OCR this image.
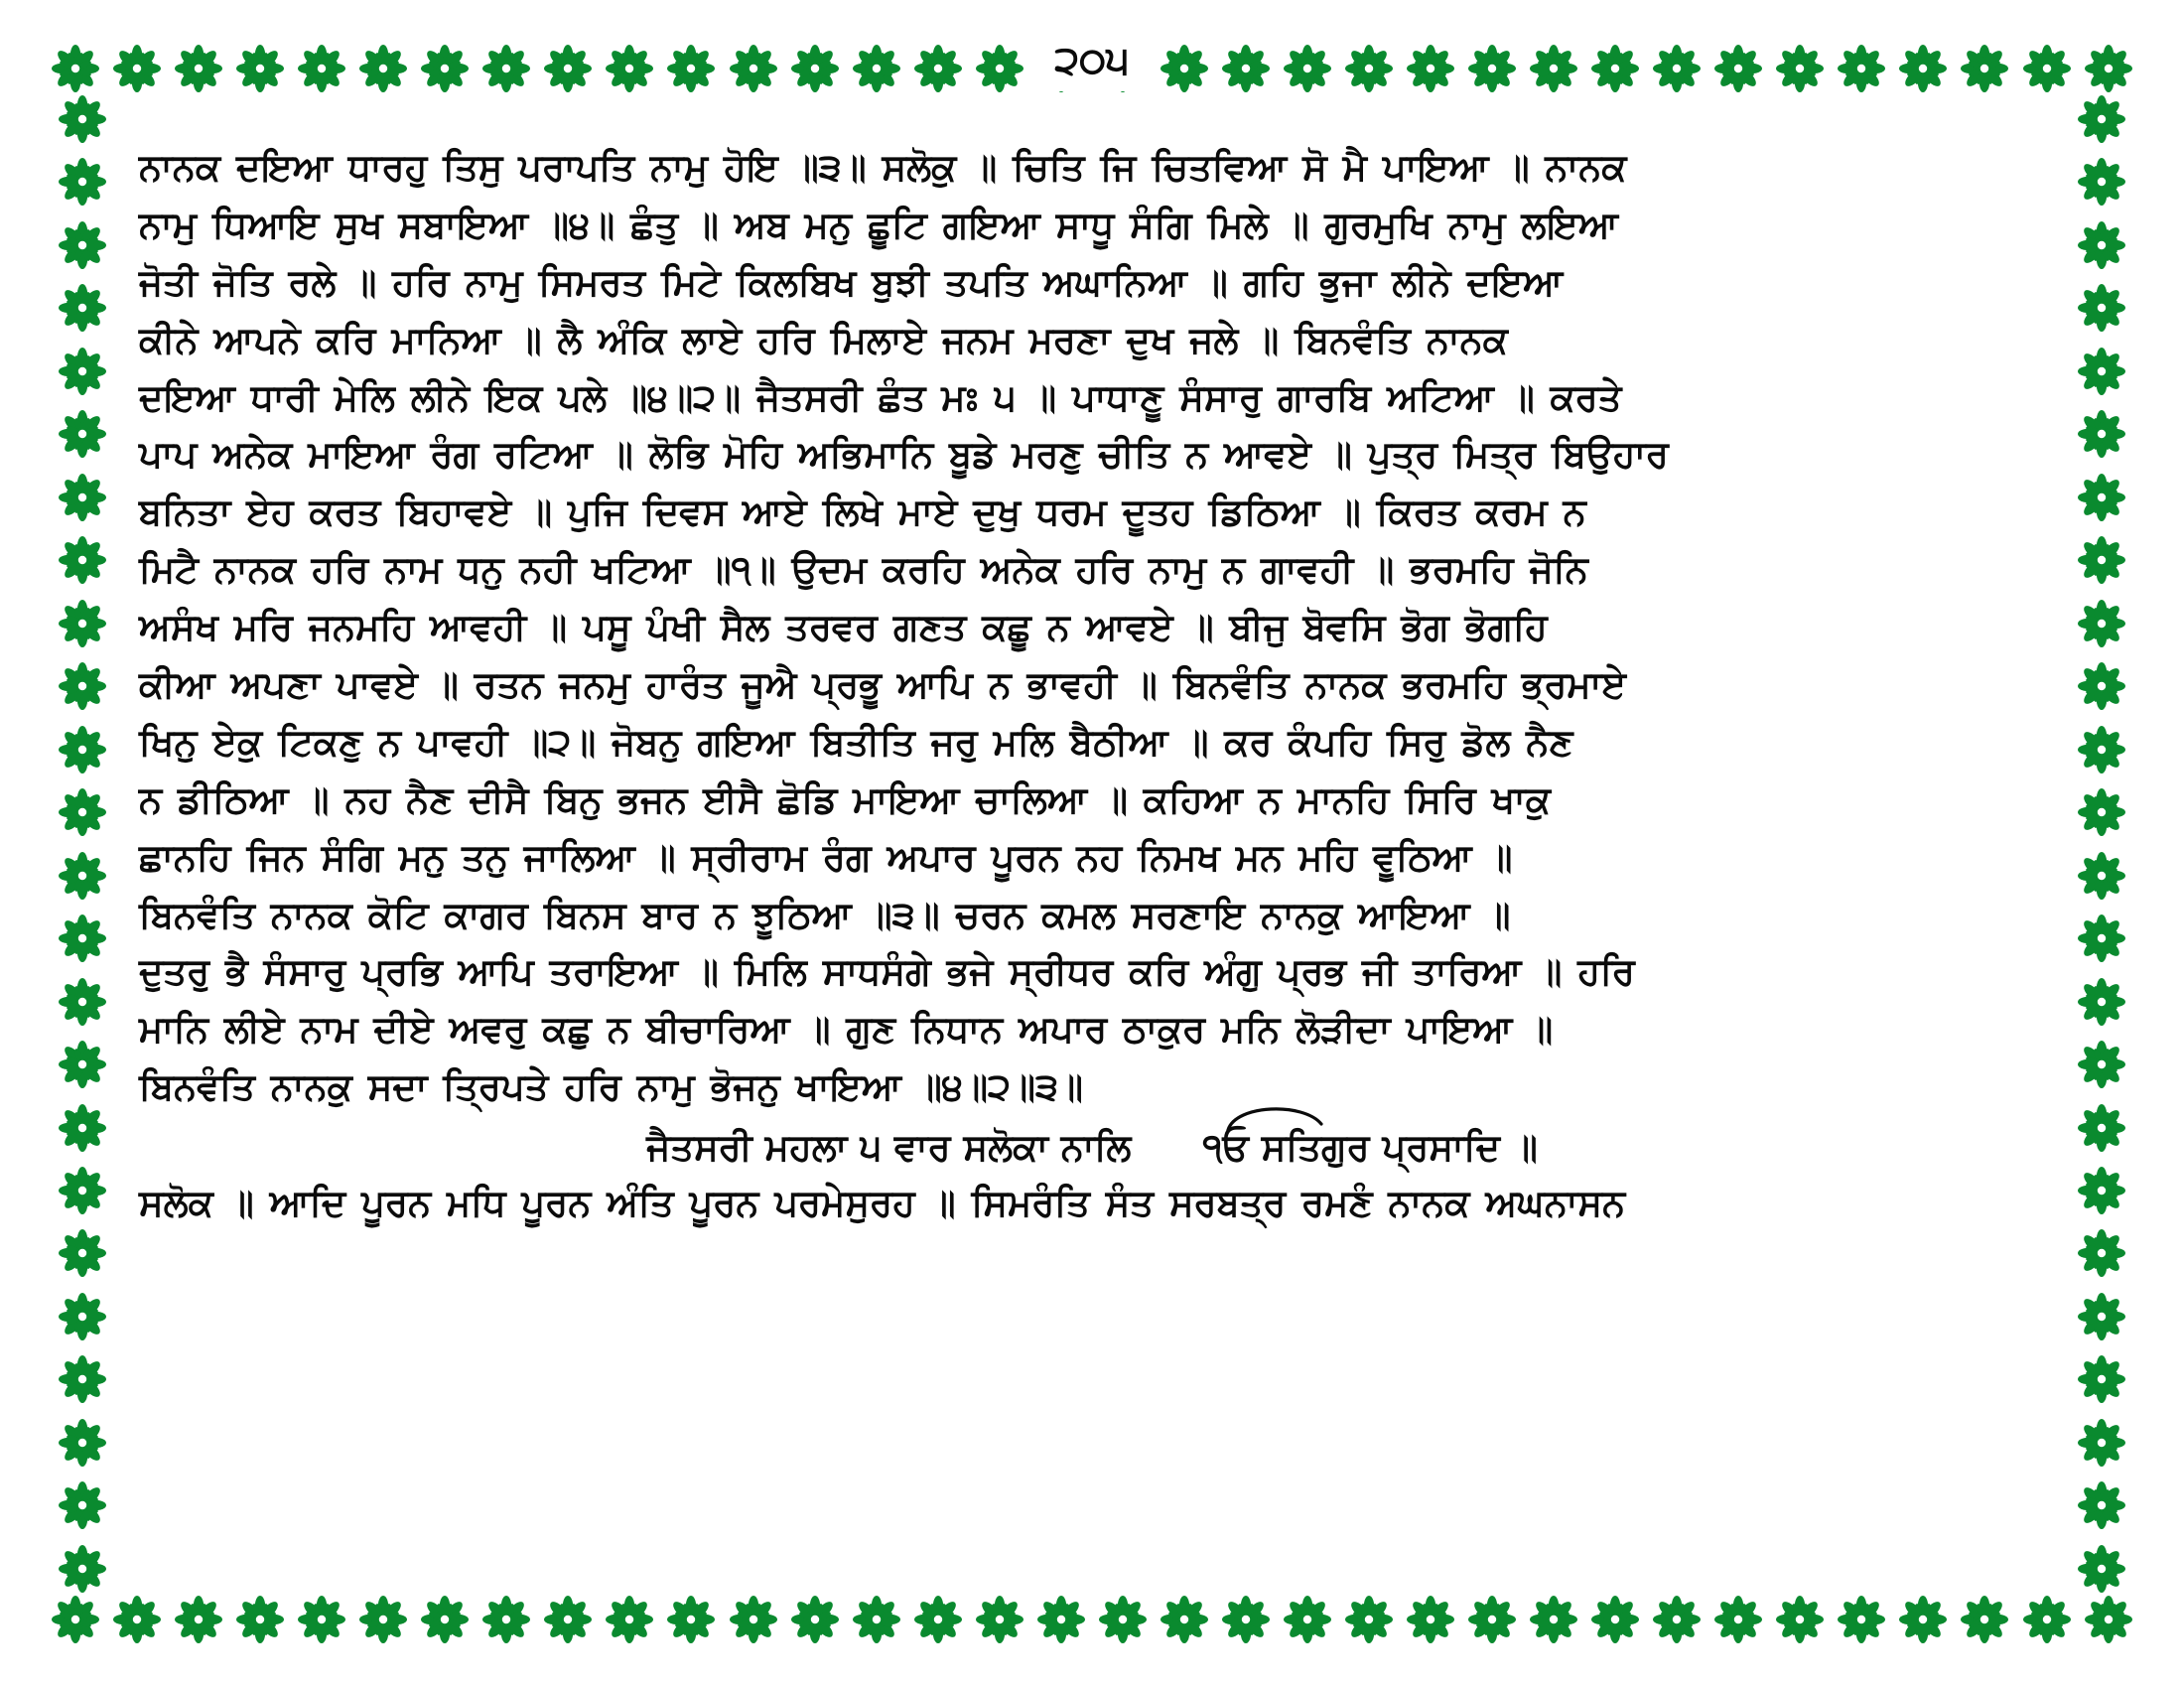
੨੦੫
ਨਾਨਕ ਦਇਆ ਧਾਰਹੁ ਤਿਸੁ ਪਰਾਪਤਿ ਨਾਮੁ ਹੋਇ ॥੩॥ ਸਲੋਕੁ ॥ ਚਿਤਿ ਜਿ ਚਿਤਵਿਆ ਸੋ ਮੈ ਪਾਇਆ ॥ ਨਾਨਕ
ਨਾਮੁ ਧਿਆਇ ਸੁਖ ਸਬਾਇਆ ॥੪॥ ਛੰਤੁ ॥ ਅਬ ਮਨੁ ਛੂਟਿ ਗਇਆ ਸਾਧੂ ਸੰਗਿ ਮਿਲੇ ॥ ਗੁਰਮੁਖਿ ਨਾਮੁ ਲਇਆ
ਜੋਤੀ ਜੋਤਿ ਰਲੇ ॥ ਹਰਿ ਨਾਮੁ ਸਿਮਰਤ ਮਿਟੇ ਕਿਲਬਿਖ ਬੁਝੀ ਤਪਤਿ ਅਘਾਨਿਆ ॥ ਗਹਿ ਭੁਜਾ ਲੀਨੇ ਦਇਆ
ਕੀਨੇ ਆਪਨੇ ਕਰਿ ਮਾਨਿਆ ॥ ਲੈ ਅੰਕਿ ਲਾਏ ਹਰਿ ਮਿਲਾਏ ਜਨਮ ਮਰਣਾ ਦੁਖ ਜਲੇ ॥ ਬਿਨਵੰਤਿ ਨਾਨਕ
ਦਇਆ ਧਾਰੀ ਮੇਲਿ ਲੀਨੇ ਇਕ ਪਲੇ ॥੪॥੨॥ ਜੈਤਸਰੀ ਛੰਤ ਮਃ ੫ ॥ ਪਾਧਾਣੂ ਸੰਸਾਰੁ ਗਾਰਬਿ ਅਟਿਆ ॥ ਕਰਤੇ
ਪਾਪ ਅਨੇਕ ਮਾਇਆ ਰੰਗ ਰਟਿਆ ॥ ਲੋਭਿ ਮੋਹਿ ਅਭਿਮਾਨਿ ਬੂਡੇ ਮਰਣੁ ਚੀਤਿ ਨ ਆਵਏ ॥ ਪੁਤ੍ਰ ਮਿਤ੍ਰ ਬਿਉਹਾਰ
ਬਨਿਤਾ ਏਹ ਕਰਤ ਬਿਹਾਵਏ ॥ ਪੁਜਿ ਦਿਵਸ ਆਏ ਲਿਖੇ ਮਾਏ ਦੁਖੁ ਧਰਮ ਦੂਤਹ ਡਿਠਿਆ ॥ ਕਿਰਤ ਕਰਮ ਨ
ਮਿਟੈ ਨਾਨਕ ਹਰਿ ਨਾਮ ਧਨੁ ਨਹੀ ਖਟਿਆ ॥੧॥ ਉਦਮ ਕਰਹਿ ਅਨੇਕ ਹਰਿ ਨਾਮੁ ਨ ਗਾਵਹੀ ॥ ਭਰਮਹਿ ਜੋਨਿ
ਅਸੰਖ ਮਰਿ ਜਨਮਹਿ ਆਵਹੀ ॥ ਪਸੂ ਪੰਖੀ ਸੈਲ ਤਰਵਰ ਗਣਤ ਕਛੂ ਨ ਆਵਏ ॥ ਬੀਜੁ ਬੋਵਸਿ ਭੋਗ ਭੋਗਹਿ
ਕੀਆ ਅਪਣਾ ਪਾਵਏ ॥ ਰਤਨ ਜਨਮੁ ਹਾਰੰਤ ਜੂਐ ਪ੍ਰਭੂ ਆਪਿ ਨ ਭਾਵਹੀ ॥ ਬਿਨਵੰਤਿ ਨਾਨਕ ਭਰਮਹਿ ਭ੍ਰਮਾਏ
ਖਿਨੁ ਏਕੁ ਟਿਕਣੁ ਨ ਪਾਵਹੀ ॥੨॥ ਜੋਬਨੁ ਗਇਆ ਬਿਤੀਤਿ ਜਰੁ ਮਲਿ ਬੈਠੀਆ ॥ ਕਰ ਕੰਪਹਿ ਸਿਰੁ ਡੋਲ ਨੈਣ
ਨ ਡੀਠਿਆ ॥ ਨਹ ਨੈਣ ਦੀਸੈ ਬਿਨੁ ਭਜਨ ਈਸੈ ਛੋਡਿ ਮਾਇਆ ਚਾਲਿਆ ॥ ਕਹਿਆ ਨ ਮਾਨਹਿ ਸਿਰਿ ਖਾਕੁ
ਛਾਨਹਿ ਜਿਨ ਸੰਗਿ ਮਨੁ ਤਨੁ ਜਾਲਿਆ ॥ ਸ੍ਰੀਰਾਮ ਰੰਗ ਅਪਾਰ ਪੂਰਨ ਨਹ ਨਿਮਖ ਮਨ ਮਹਿ ਵੂਠਿਆ ॥
ਬਿਨਵੰਤਿ ਨਾਨਕ ਕੋਟਿ ਕਾਗਰ ਬਿਨਸ ਬਾਰ ਨ ਝੂਠਿਆ ॥੩॥ ਚਰਨ ਕਮਲ ਸਰਣਾਇ ਨਾਨਕੁ ਆਇਆ ॥
ਦੁਤਰੁ ਭੈ ਸੰਸਾਰੁ ਪ੍ਰਭਿ ਆਪਿ ਤਰਾਇਆ ॥ ਮਿਲਿ ਸਾਧਸੰਗੇ ਭਜੇ ਸ੍ਰੀਧਰ ਕਰਿ ਅੰਗੁ ਪ੍ਰਭ ਜੀ ਤਾਰਿਆ ॥ ਹਰਿ
ਮਾਨਿ ਲੀਏ ਨਾਮ ਦੀਏ ਅਵਰੁ ਕਛੁ ਨ ਬੀਚਾਰਿਆ ॥ ਗੁਣ ਨਿਧਾਨ ਅਪਾਰ ਠਾਕੁਰ ਮਨਿ ਲੋੜੀਦਾ ਪਾਇਆ ॥
ਬਿਨਵੰਤਿ ਨਾਨਕੁ ਸਦਾ ਤ੍ਰਿਪਤੇ ਹਰਿ ਨਾਮੁ ਭੋਜਨੁ ਖਾਇਆ ॥੪॥੨॥੩॥
ਜੈਤਸਰੀ ਮਹਲਾ ੫ ਵਾਰ ਸਲੋਕਾ ਨਾਲਿ ੧ਓ ਸਤਿਗੁਰ ਪ੍ਰਸਾਦਿ ॥
ਸਲੋਕ ॥ ਆਦਿ ਪੂਰਨ ਮਧਿ ਪੂਰਨ ਅੰਤਿ ਪੂਰਨ ਪਰਮੇਸੁਰਹ ॥ ਸਿਮਰੰਤਿ ਸੰਤ ਸਰਬਤ੍ਰ ਰਮਣੰ ਨਾਨਕ ਅਘਨਾਸਨ
